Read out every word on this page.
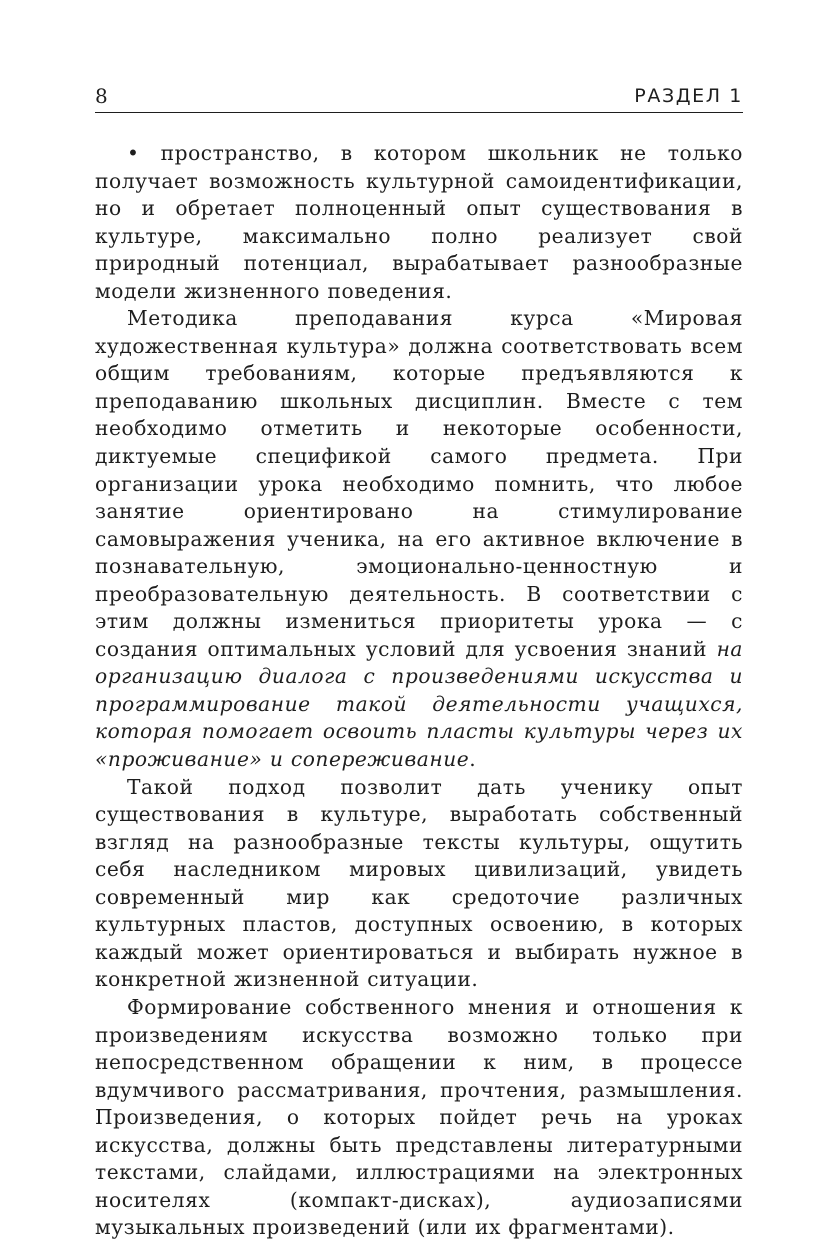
8	РАЗДЕЛ 1

• пространство, в котором школьник не только получает возможность культурной самоидентификации, но и обретает полноценный опыт существования в культуре, максимально полно реализует свой природный потенциал, вырабатывает разнообразные модели жизненного поведения.

Методика преподавания курса «Мировая художественная культура» должна соответствовать всем общим требованиям, которые предъявляются к преподаванию школьных дисциплин. Вместе с тем необходимо отметить и некоторые особенности, диктуемые спецификой самого предмета. При организации урока необходимо помнить, что любое занятие ориентировано на стимулирование самовыражения ученика, на его активное включение в познавательную, эмоционально-ценностную и преобразовательную деятельность. В соответствии с этим должны измениться приоритеты урока — с создания оптимальных условий для усвоения знаний на организацию диалога с произведениями искусства и программирование такой деятельности учащихся, которая помогает освоить пласты культуры через их «проживание» и сопереживание.

Такой подход позволит дать ученику опыт существования в культуре, выработать собственный взгляд на разнообразные тексты культуры, ощутить себя наследником мировых цивилизаций, увидеть современный мир как средоточие различных культурных пластов, доступных освоению, в которых каждый может ориентироваться и выбирать нужное в конкретной жизненной ситуации.

Формирование собственного мнения и отношения к произведениям искусства возможно только при непосредственном обращении к ним, в процессе вдумчивого рассматривания, прочтения, размышления. Произведения, о которых пойдет речь на уроках искусства, должны быть представлены литературными текстами, слайдами, иллюстрациями на электронных носителях (компакт-дисках), аудиозаписями музыкальных произведений (или их фрагментами).
